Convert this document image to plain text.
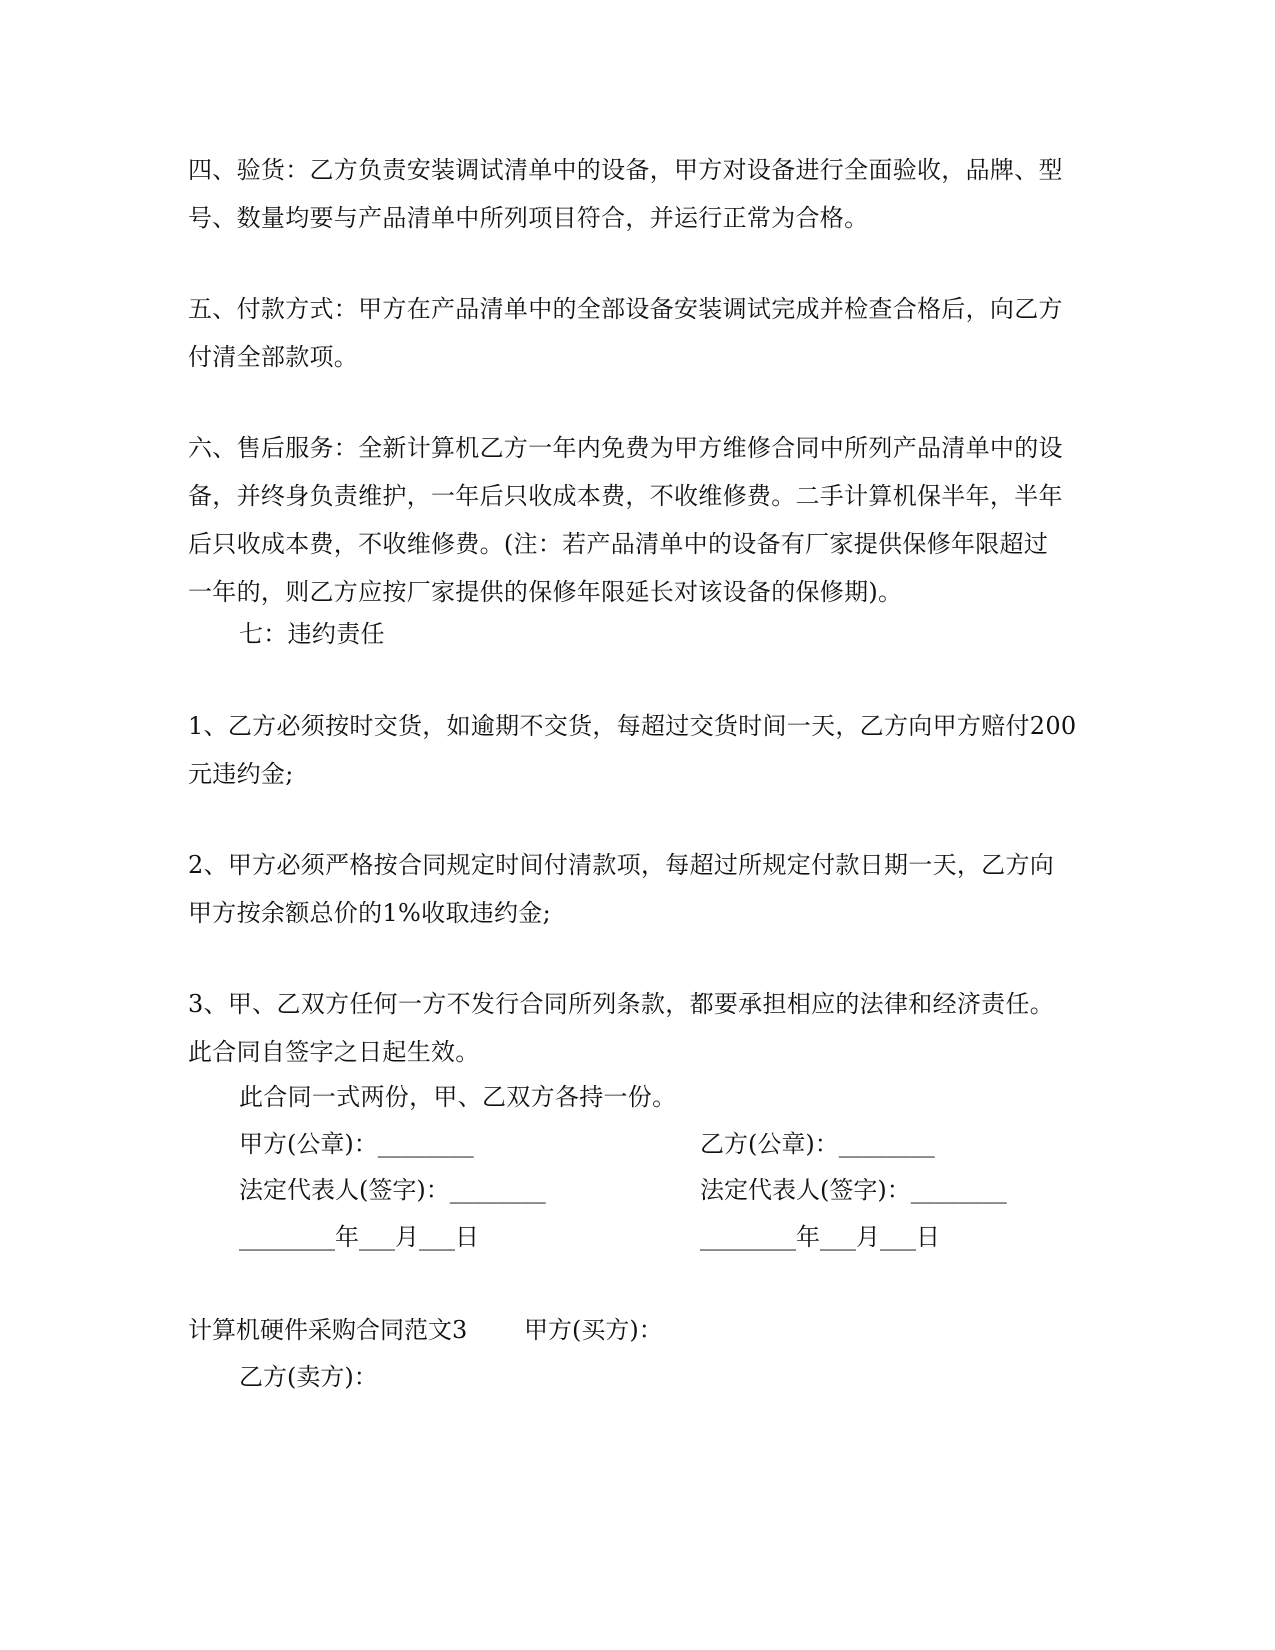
四、验货：乙方负责安装调试清单中的设备，甲方对设备进行全面验收，品牌、型
号、数量均要与产品清单中所列项目符合，并运行正常为合格。
五、付款方式：甲方在产品清单中的全部设备安装调试完成并检查合格后，向乙方
付清全部款项。
六、售后服务：全新计算机乙方一年内免费为甲方维修合同中所列产品清单中的设
备，并终身负责维护，一年后只收成本费，不收维修费。二手计算机保半年，半年
后只收成本费，不收维修费。(注：若产品清单中的设备有厂家提供保修年限超过
一年的，则乙方应按厂家提供的保修年限延长对该设备的保修期)。
七：违约责任
1、乙方必须按时交货，如逾期不交货，每超过交货时间一天，乙方向甲方赔付200
元违约金;
2、甲方必须严格按合同规定时间付清款项，每超过所规定付款日期一天，乙方向
甲方按余额总价的1%收取违约金;
3、甲、乙双方任何一方不发行合同所列条款，都要承担相应的法律和经济责任。
此合同自签字之日起生效。
此合同一式两份，甲、乙双方各持一份。
甲方(公章)：________	乙方(公章)：________
法定代表人(签字)：________	法定代表人(签字)：________
________年___月___日	________年___月___日
计算机硬件采购合同范文3 甲方(买方)：
乙方(卖方)：
